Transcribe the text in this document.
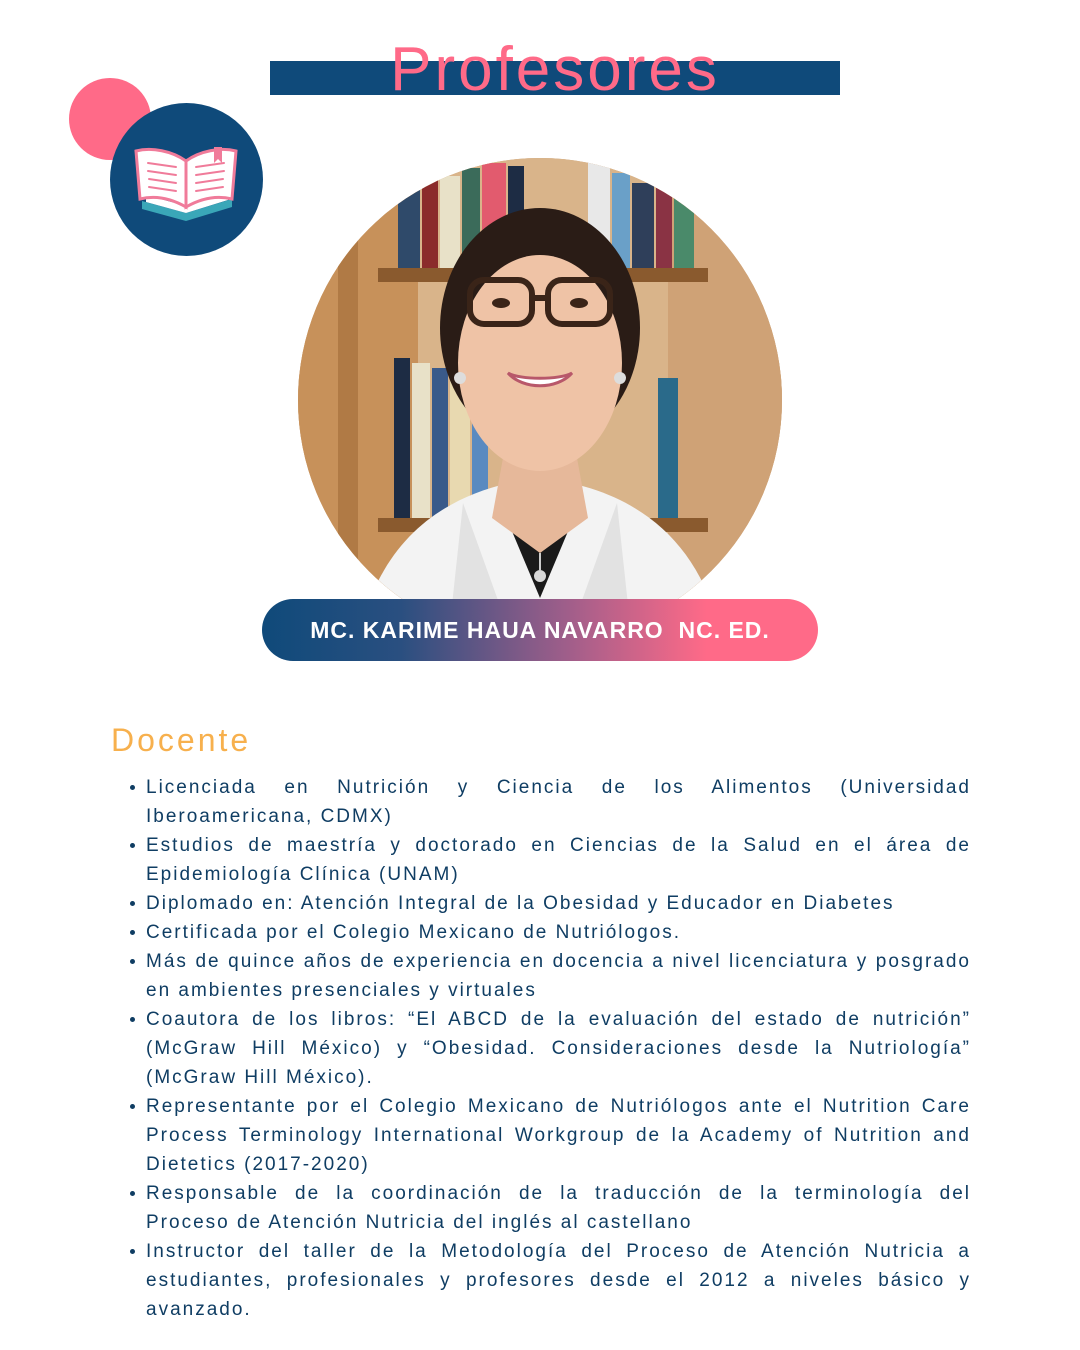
Profesores
MC. KARIME HAUA NAVARRO  NC. ED.
Docente
Licenciada en Nutrición y Ciencia de los Alimentos (Universidad Iberoamericana, CDMX)
Estudios de maestría y doctorado en Ciencias de la Salud en el área de Epidemiología Clínica (UNAM)
Diplomado en: Atención Integral de la Obesidad y Educador en Diabetes
Certificada por el Colegio Mexicano de Nutriólogos.
Más de quince años de experiencia en docencia a nivel licenciatura y posgrado en ambientes presenciales y virtuales
Coautora de los libros: “El ABCD de la evaluación del estado de nutrición” (McGraw Hill México) y “Obesidad. Consideraciones desde la Nutriología” (McGraw Hill México).
Representante por el Colegio Mexicano de Nutriólogos ante el Nutrition Care Process Terminology International Workgroup de la Academy of Nutrition and Dietetics (2017-2020)
Responsable de la coordinación de la traducción de la terminología del Proceso de Atención Nutricia del inglés al castellano
Instructor del taller de la Metodología del Proceso de Atención Nutricia a estudiantes, profesionales y profesores desde el 2012 a niveles básico y avanzado.
